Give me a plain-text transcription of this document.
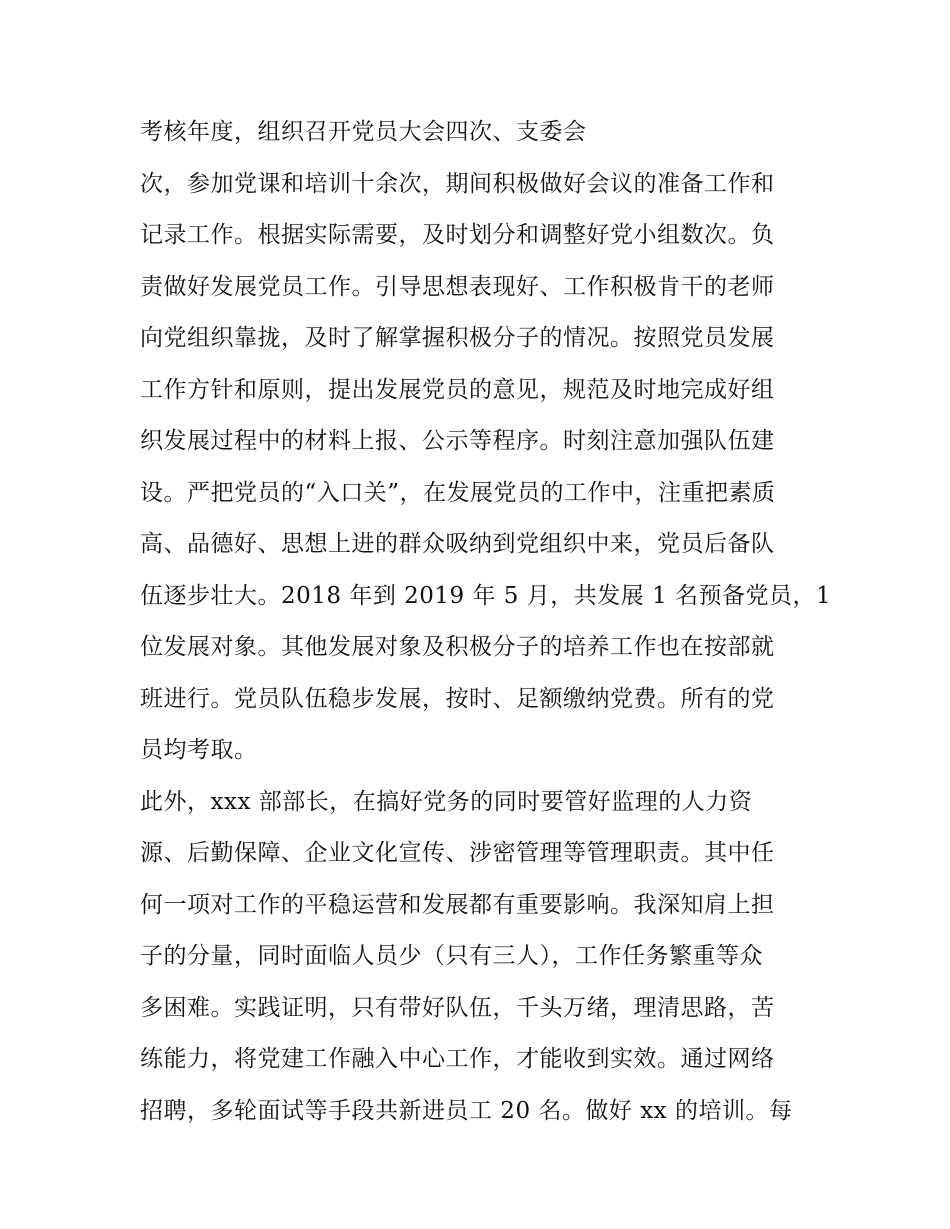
考核年度，组织召开党员大会四次、支委会
次，参加党课和培训十余次，期间积极做好会议的准备工作和
记录工作。根据实际需要，及时划分和调整好党小组数次。负
责做好发展党员工作。引导思想表现好、工作积极肯干的老师
向党组织靠拢，及时了解掌握积极分子的情况。按照党员发展
工作方针和原则，提出发展党员的意见，规范及时地完成好组
织发展过程中的材料上报、公示等程序。时刻注意加强队伍建
设。严把党员的“入口关”，在发展党员的工作中，注重把素质
高、品德好、思想上进的群众吸纳到党组织中来，党员后备队
伍逐步壮大。2018 年到 2019 年 5 月，共发展 1 名预备党员，1
位发展对象。其他发展对象及积极分子的培养工作也在按部就
班进行。党员队伍稳步发展，按时、足额缴纳党费。所有的党
员均考取。
此外，xxx 部部长，在搞好党务的同时要管好监理的人力资
源、后勤保障、企业文化宣传、涉密管理等管理职责。其中任
何一项对工作的平稳运营和发展都有重要影响。我深知肩上担
子的分量，同时面临人员少（只有三人），工作任务繁重等众
多困难。实践证明，只有带好队伍，千头万绪，理清思路，苦
练能力，将党建工作融入中心工作，才能收到实效。通过网络
招聘，多轮面试等手段共新进员工 20 名。做好 xx 的培训。每
